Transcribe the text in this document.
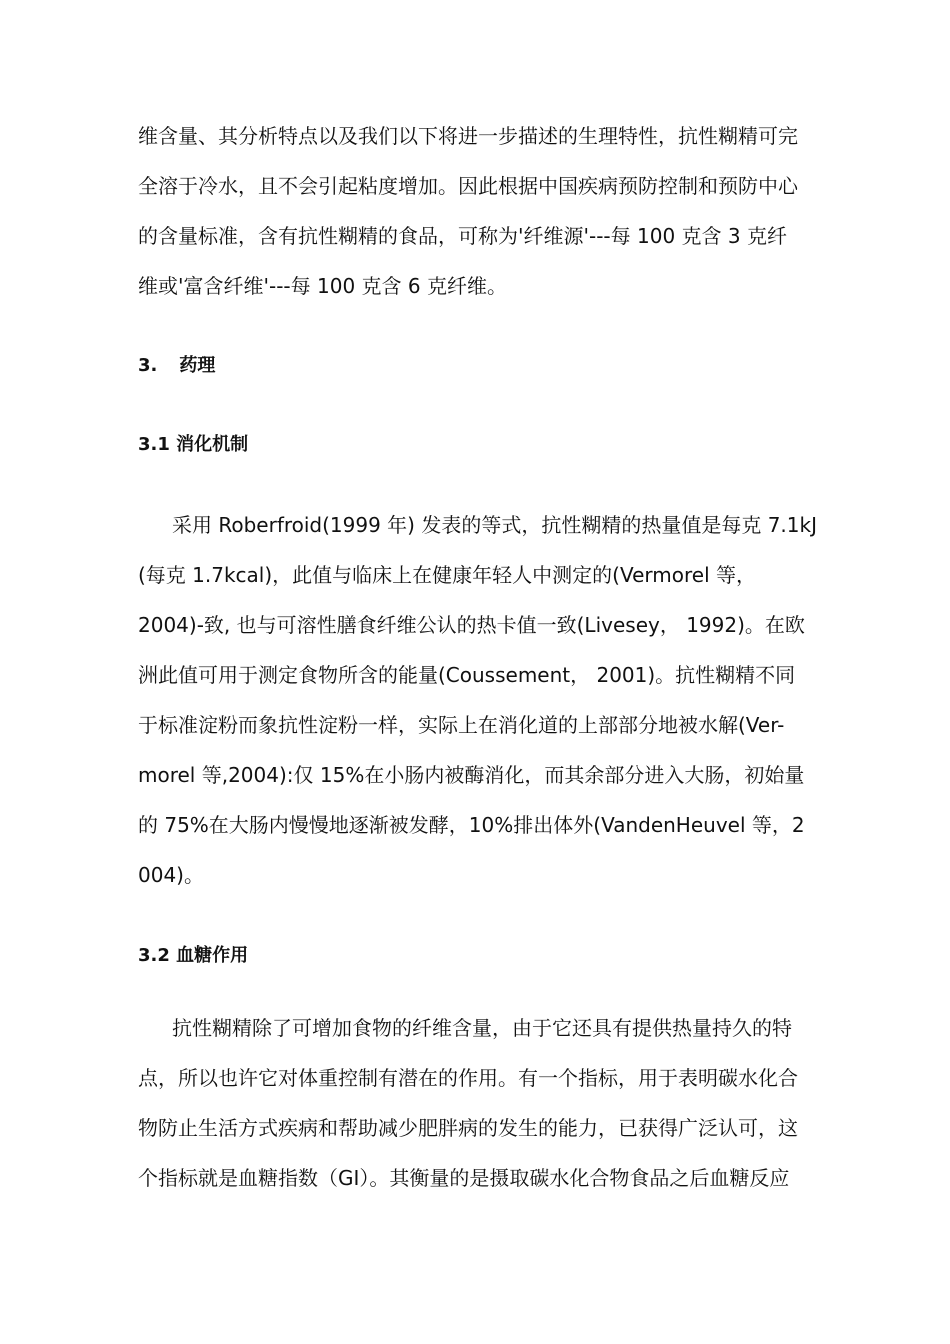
维含量、其分析特点以及我们以下将进一步描述的生理特性，抗性糊精可完
全溶于冷水，且不会引起粘度增加。因此根据中国疾病预防控制和预防中心
的含量标准，含有抗性糊精的食品，可称为'纤维源'---每 100 克含 3 克纤
维或'富含纤维'---每 100 克含 6 克纤维。
3. 药理
3.1 消化机制
采用 Roberfroid(1999 年) 发表的等式，抗性糊精的热量值是每克 7.1kJ
(每克 1.7kcal)，此值与临床上在健康年轻人中测定的(Vermorel 等，
2004)-致, 也与可溶性膳食纤维公认的热卡值一致(Livesey， 1992)。在欧
洲此值可用于测定食物所含的能量(Coussement， 2001)。抗性糊精不同
于标准淀粉而象抗性淀粉一样，实际上在消化道的上部部分地被水解(Ver-
morel 等,2004):仅 15%在小肠内被酶消化，而其余部分进入大肠，初始量
的 75%在大肠内慢慢地逐渐被发酵，10%排出体外(VandenHeuvel 等，2
004)。
3.2 血糖作用
抗性糊精除了可增加食物的纤维含量，由于它还具有提供热量持久的特
点，所以也许它对体重控制有潜在的作用。有一个指标，用于表明碳水化合
物防止生活方式疾病和帮助减少肥胖病的发生的能力，已获得广泛认可，这
个指标就是血糖指数（GI）。其衡量的是摄取碳水化合物食品之后血糖反应
